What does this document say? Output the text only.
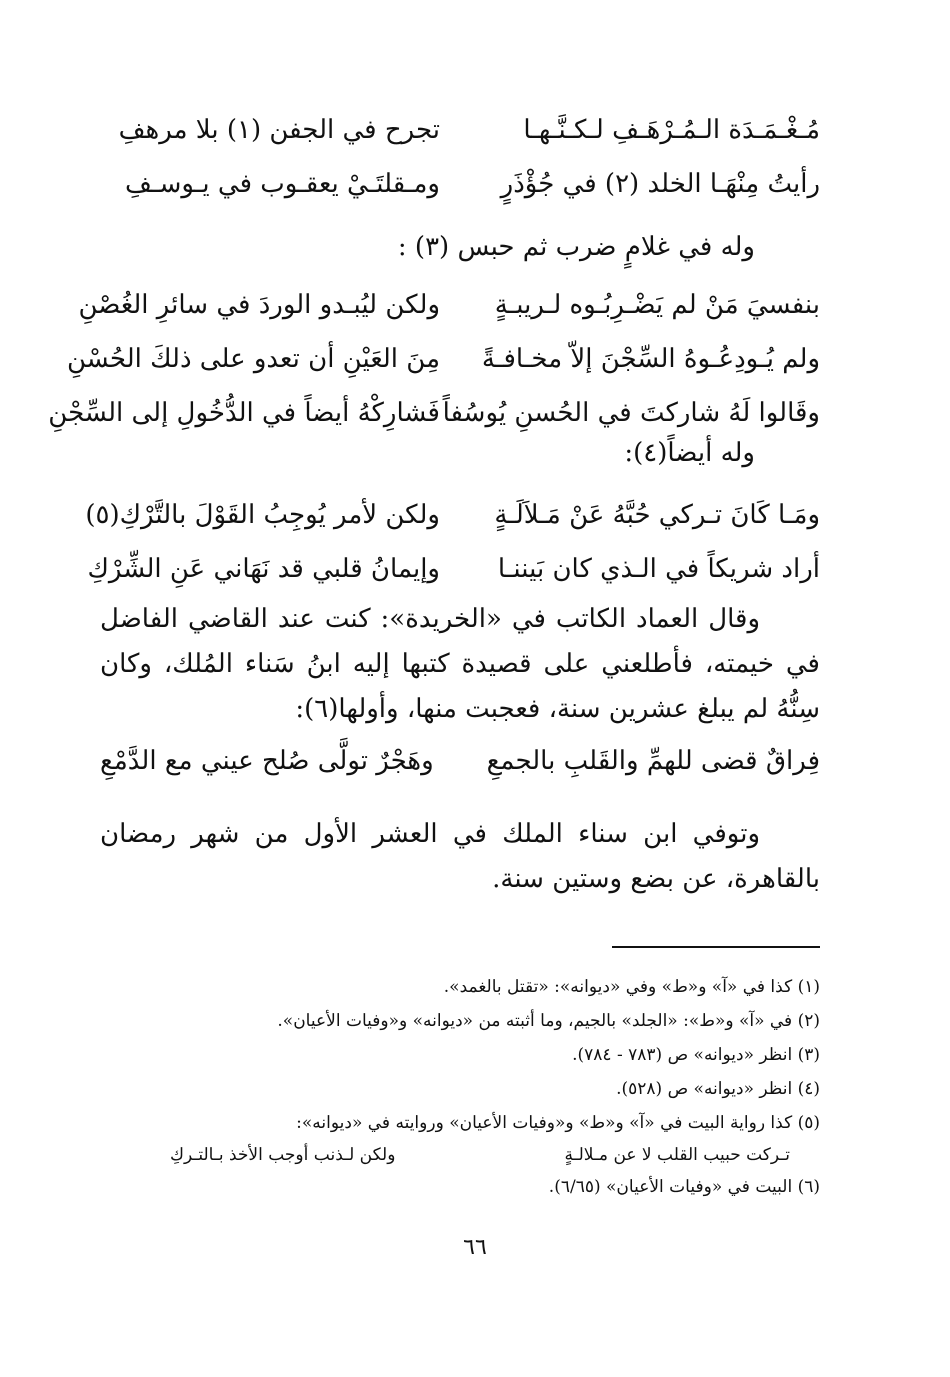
مُـغْـمَـدَة الـمُـرْهَـفِ لـكـنَّـهـا
تجرح في الجفن (١) بلا مرهفِ
رأيتُ مِنْهَـا الخلد (٢) في جُؤْذَرٍ
ومـقلتَـيْ يعقـوب في يـوسـفِ
وله في غلامٍ ضرب ثم حبس (٣) :
بنفسيَ مَنْ لم يَضْـرِبُـوه لـريبـةٍ
ولكن ليُبـدو الوردَ في سائرِ الغُصْنِ
ولم يُـودِعُـوهُ السِّجْنَ إلاّ مخـافـةً
مِنَ العَيْنِ أن تعدو على ذلكَ الحُسْنِ
وقَالوا لَهُ شاركتَ في الحُسنِ يُوسُفاً
فَشارِكْهُ أيضاً في الدُّخُولِ إلى السِّجْنِ
وله أيضاً(٤):
ومَـا كَانَ تـركي حُبَّهُ عَنْ مَـلاَلَـةٍ
ولكن لأمر يُوجِبُ القَوْلَ بالتَّرْكِ(٥)
أراد شريكاً في الـذي كان بَيننـا
وإيمانُ قلبي قد نَهَاني عَنِ الشِّرْكِ
وقال العماد الكاتب في «الخريدة»: كنت عند القاضي الفاضل في خيمته، فأطلعني على قصيدة كتبها إليه ابنُ سَناء المُلك، وكان سِنُّهُ لم يبلغ عشرين سنة، فعجبت منها، وأولها(٦):
فِراقٌ قضى للهمِّ والقَلبِ بالجمعِ
وهَجْرٌ تولَّى صُلح عيني مع الدَّمْعِ
وتوفي ابن سناء الملك في العشر الأول من شهر رمضان بالقاهرة، عن بضع وستين سنة.
(١) كذا في «آ» و«ط» وفي «ديوانه»: «تقتل بالغمد».
(٢) في «آ» و«ط»: «الجلد» بالجيم، وما أثبته من «ديوانه» و«وفيات الأعيان».
(٣) انظر «ديوانه» ص (٧٨٣ - ٧٨٤).
(٤) انظر «ديوانه» ص (٥٢٨).
(٥) كذا رواية البيت في «آ» و«ط» و«وفيات الأعيان» وروايته في «ديوانه»:
تـركت حبيب القلب لا عن مـلالـةٍ
ولكن لـذنب أوجب الأخذ بـالتـركِ
(٦) البيت في «وفيات الأعيان» (٦/٦٥).
٦٦
